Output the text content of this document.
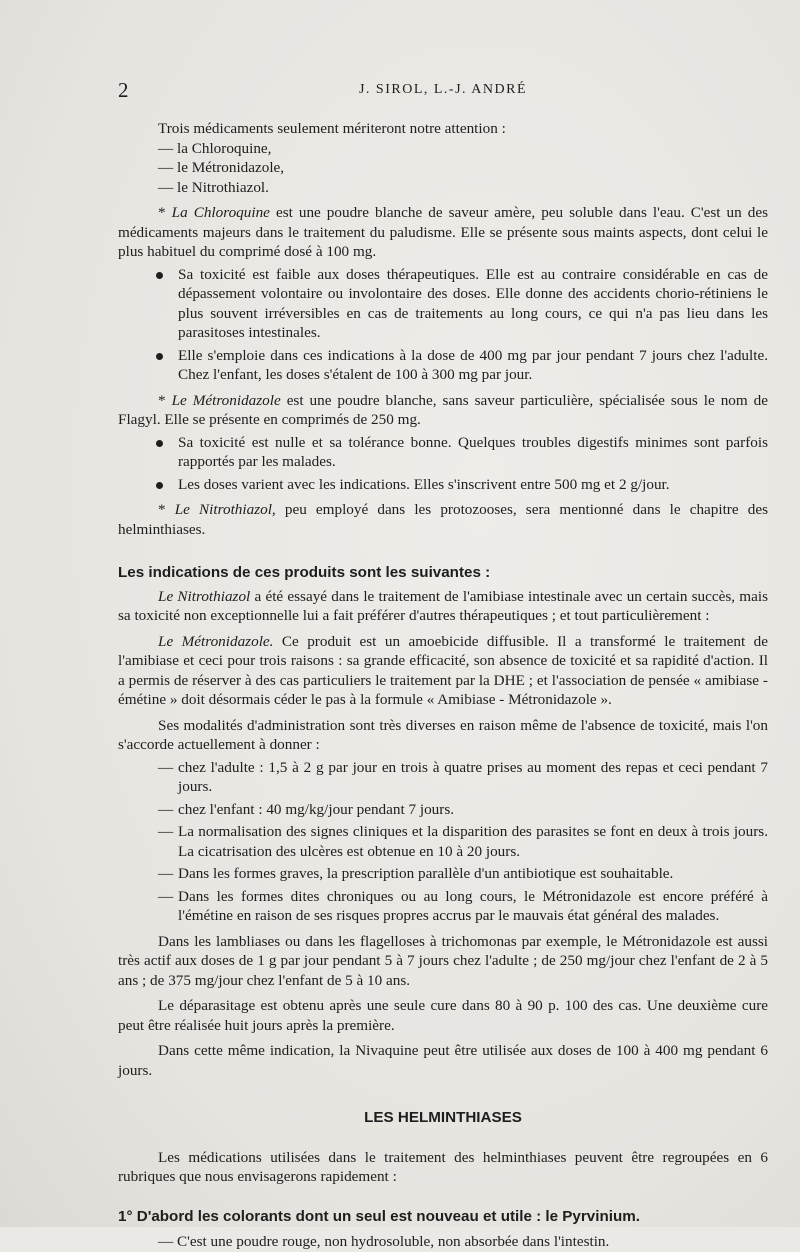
2	J. SIROL, L.-J. ANDRÉ

Trois médicaments seulement mériteront notre attention :

— la Chloroquine,

— le Métronidazole,

— le Nitrothiazol.

* La Chloroquine est une poudre blanche de saveur amère, peu soluble dans l'eau. C'est un des médicaments majeurs dans le traitement du paludisme. Elle se présente sous maints aspects, dont celui le plus habituel du comprimé dosé à 100 mg.

Sa toxicité est faible aux doses thérapeutiques. Elle est au contraire considérable en cas de dépassement volontaire ou involontaire des doses. Elle donne des accidents chorio-rétiniens le plus souvent irréversibles en cas de traitements au long cours, ce qui n'a pas lieu dans les parasitoses intestinales.
Elle s'emploie dans ces indications à la dose de 400 mg par jour pendant 7 jours chez l'adulte. Chez l'enfant, les doses s'étalent de 100 à 300 mg par jour.

* Le Métronidazole est une poudre blanche, sans saveur particulière, spécialisée sous le nom de Flagyl. Elle se présente en comprimés de 250 mg.

Sa toxicité est nulle et sa tolérance bonne. Quelques troubles digestifs minimes sont parfois rapportés par les malades.
Les doses varient avec les indications. Elles s'inscrivent entre 500 mg et 2 g/jour.

* Le Nitrothiazol, peu employé dans les protozooses, sera mentionné dans le chapitre des helminthiases.

Les indications de ces produits sont les suivantes :

Le Nitrothiazol a été essayé dans le traitement de l'amibiase intestinale avec un certain succès, mais sa toxicité non exceptionnelle lui a fait préférer d'autres thérapeutiques ; et tout particulièrement :

Le Métronidazole. Ce produit est un amoebicide diffusible. Il a transformé le traitement de l'amibiase et ceci pour trois raisons : sa grande efficacité, son absence de toxicité et sa rapidité d'action. Il a permis de réserver à des cas particuliers le traitement par la DHE ; et l'association de pensée « amibiase - émétine » doit désormais céder le pas à la formule « Amibiase - Métronidazole ».

Ses modalités d'administration sont très diverses en raison même de l'absence de toxicité, mais l'on s'accorde actuellement à donner :

— chez l'adulte : 1,5 à 2 g par jour en trois à quatre prises au moment des repas et ceci pendant 7 jours.
— chez l'enfant : 40 mg/kg/jour pendant 7 jours.
— La normalisation des signes cliniques et la disparition des parasites se font en deux à trois jours. La cicatrisation des ulcères est obtenue en 10 à 20 jours.
— Dans les formes graves, la prescription parallèle d'un antibiotique est souhaitable.
— Dans les formes dites chroniques ou au long cours, le Métronidazole est encore préféré à l'émétine en raison de ses risques propres accrus par le mauvais état général des malades.

Dans les lambliases ou dans les flagelloses à trichomonas par exemple, le Métronidazole est aussi très actif aux doses de 1 g par jour pendant 5 à 7 jours chez l'adulte ; de 250 mg/jour chez l'enfant de 2 à 5 ans ; de 375 mg/jour chez l'enfant de 5 à 10 ans.

Le déparasitage est obtenu après une seule cure dans 80 à 90 p. 100 des cas. Une deuxième cure peut être réalisée huit jours après la première.

Dans cette même indication, la Nivaquine peut être utilisée aux doses de 100 à 400 mg pendant 6 jours.

LES HELMINTHIASES

Les médications utilisées dans le traitement des helminthiases peuvent être regroupées en 6 rubriques que nous envisagerons rapidement :

1° D'abord les colorants dont un seul est nouveau et utile : le Pyrvinium.

— C'est une poudre rouge, non hydrosoluble, non absorbée dans l'intestin.
